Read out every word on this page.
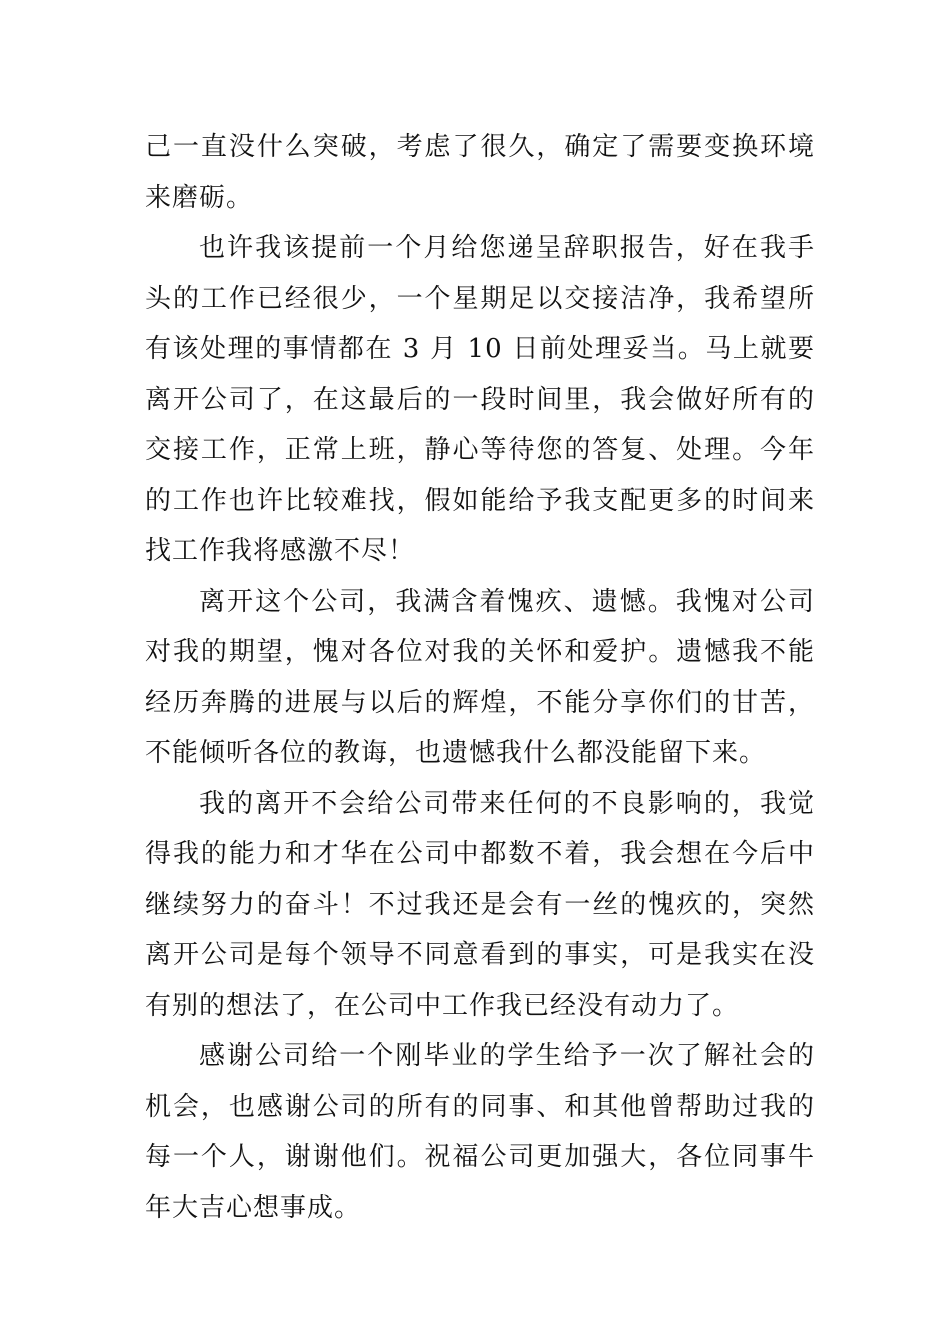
己一直没什么突破，考虑了很久，确定了需要变换环境来磨砺。

也许我该提前一个月给您递呈辞职报告，好在我手头的工作已经很少，一个星期足以交接洁净，我希望所有该处理的事情都在 3 月 10 日前处理妥当。马上就要离开公司了，在这最后的一段时间里，我会做好所有的交接工作，正常上班，静心等待您的答复、处理。今年的工作也许比较难找，假如能给予我支配更多的时间来找工作我将感激不尽！

离开这个公司，我满含着愧疚、遗憾。我愧对公司对我的期望，愧对各位对我的关怀和爱护。遗憾我不能经历奔腾的进展与以后的辉煌，不能分享你们的甘苦，不能倾听各位的教诲，也遗憾我什么都没能留下来。

我的离开不会给公司带来任何的不良影响的，我觉得我的能力和才华在公司中都数不着，我会想在今后中继续努力的奋斗！不过我还是会有一丝的愧疚的，突然离开公司是每个领导不同意看到的事实，可是我实在没有别的想法了，在公司中工作我已经没有动力了。

感谢公司给一个刚毕业的学生给予一次了解社会的机会，也感谢公司的所有的同事、和其他曾帮助过我的每一个人，谢谢他们。祝福公司更加强大，各位同事牛年大吉心想事成。
